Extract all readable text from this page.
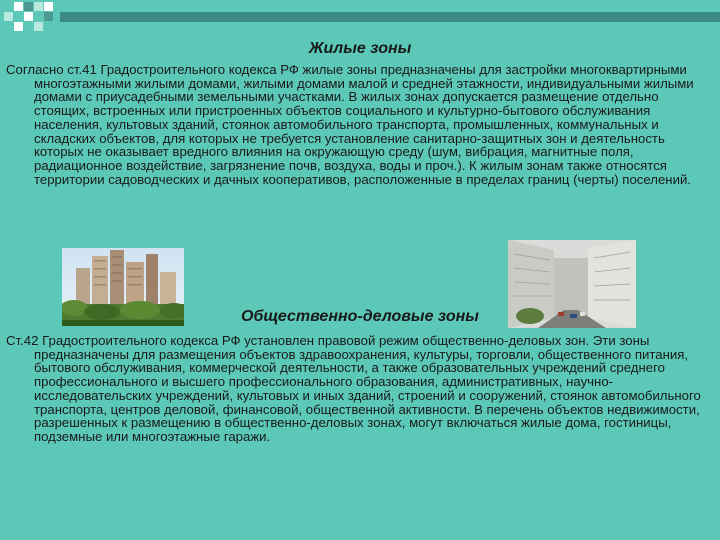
Жилые зоны

Согласно ст.41 Градостроительного кодекса РФ жилые зоны предназначены для застройки многоквартирными многоэтажными жилыми домами, жилыми домами малой и средней этажности, индивидуальными жилыми домами с приусадебными земельными участками. В жилых зонах допускается размещение отдельно стоящих, встроенных или пристроенных объектов социального и культурно-бытового обслуживания населения, культовых зданий, стоянок автомобильного транспорта, промышленных, коммунальных и складских объектов, для которых не требуется установление санитарно-защитных зон и деятельность которых не оказывает вредного влияния на окружающую среду (шум, вибрация, магнитные поля, радиационное воздействие, загрязнение почв, воздуха, воды и проч.). К жилым зонам также относятся территории садоводческих и дачных кооперативов, расположенные в пределах границ (черты) поселений.

Общественно-деловые зоны

Ст.42 Градостроительного кодекса РФ установлен правовой режим общественно-деловых зон. Эти зоны предназначены для размещения объектов здравоохранения, культуры, торговли, общественного питания, бытового обслуживания, коммерческой деятельности, а также образовательных учреждений среднего профессионального и высшего профессионального образования, административных, научно-исследовательских учреждений, культовых и иных зданий, строений и сооружений, стоянок автомобильного транспорта, центров деловой, финансовой, общественной активности. В перечень объектов недвижимости, разрешенных к размещению в общественно-деловых зонах, могут включаться жилые дома, гостиницы, подземные или многоэтажные гаражи.
